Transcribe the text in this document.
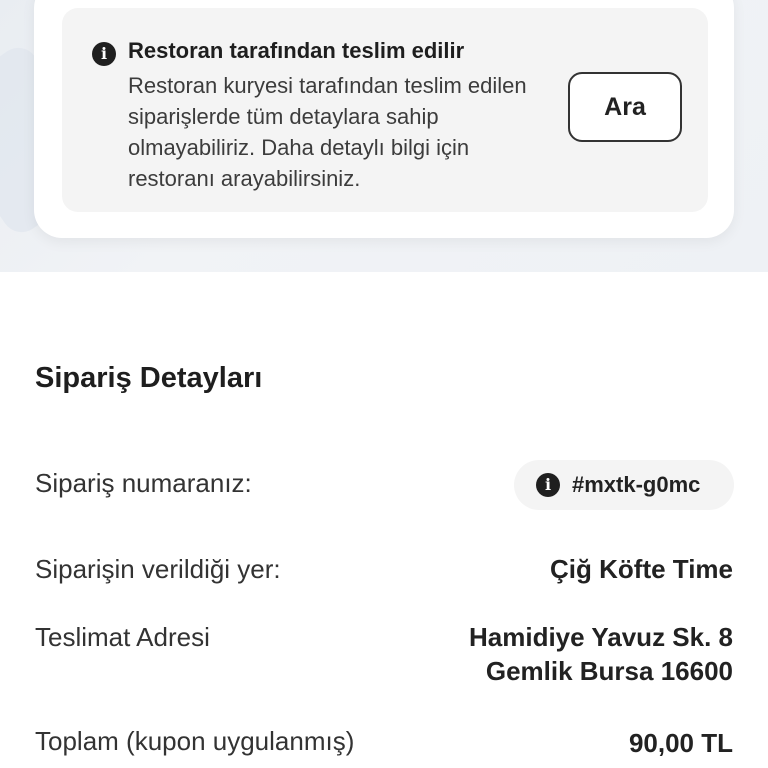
i Restoran tarafından teslim edilir
Restoran kuryesi tarafından teslim edilen siparişlerde tüm detaylara sahip olmayabiliriz. Daha detaylı bilgi için restoranı arayabilirsiniz.
Ara
Sipariş Detayları
Sipariş numaranız:	i #mxtk-g0mc
Siparişin verildiği yer:	Çiğ Köfte Time
Teslimat Adresi	Hamidiye Yavuz Sk. 8
Gemlik Bursa 16600
Toplam (kupon uygulanmış)	90,00 TL
